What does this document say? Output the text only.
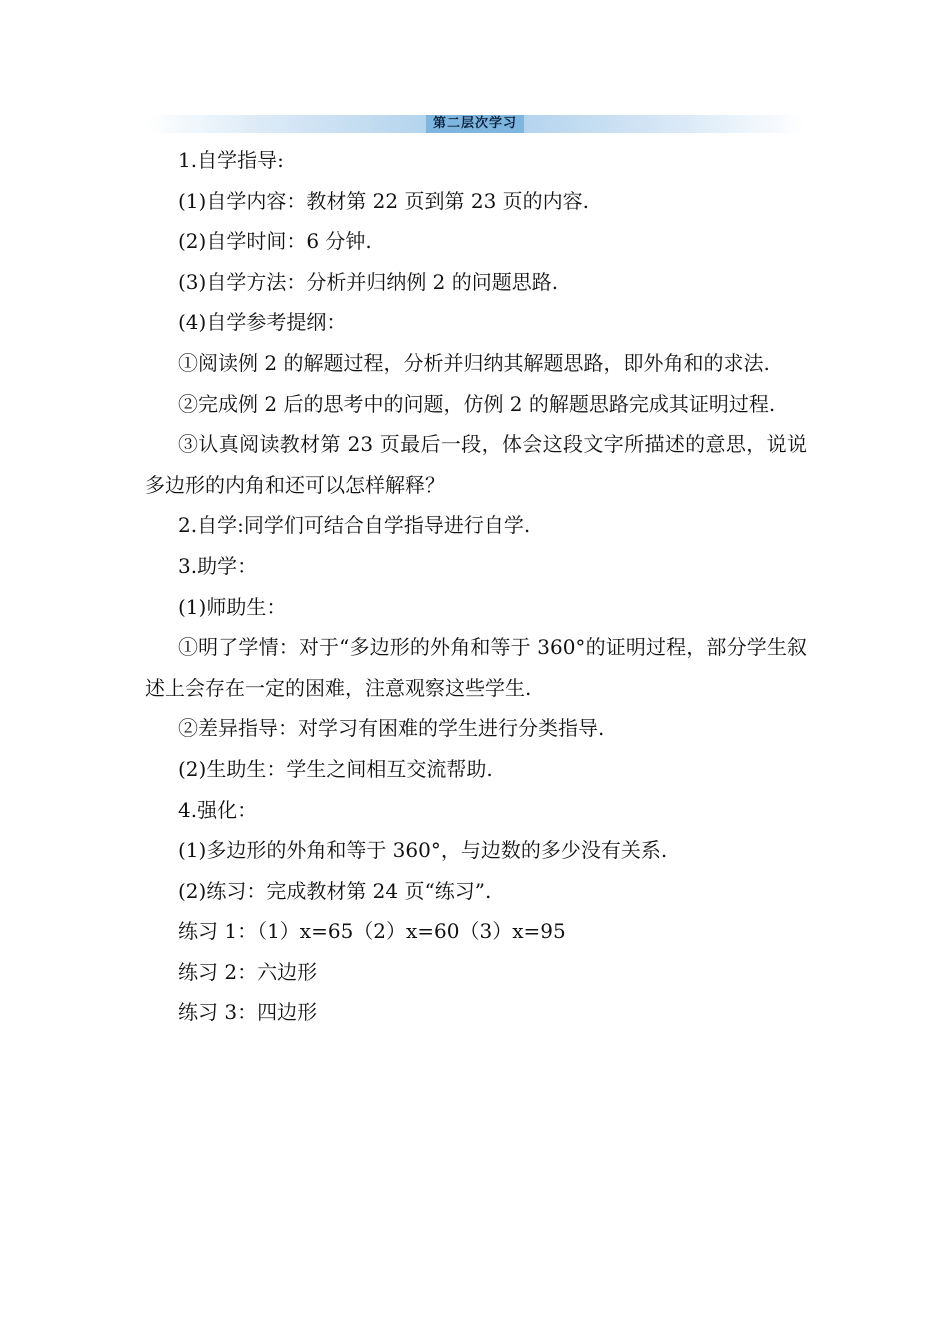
第二层次学习

1.自学指导:

(1)自学内容：教材第 22 页到第 23 页的内容.

(2)自学时间：6 分钟.

(3)自学方法：分析并归纳例 2 的问题思路.

(4)自学参考提纲：

①阅读例 2 的解题过程，分析并归纳其解题思路，即外角和的求法.

②完成例 2 后的思考中的问题，仿例 2 的解题思路完成其证明过程.

③认真阅读教材第 23 页最后一段，体会这段文字所描述的意思，说说多边形的内角和还可以怎样解释？

2.自学:同学们可结合自学指导进行自学.

3.助学：

(1)师助生：

①明了学情：对于“多边形的外角和等于 360°的证明过程，部分学生叙述上会存在一定的困难，注意观察这些学生.

②差异指导：对学习有困难的学生进行分类指导.

(2)生助生：学生之间相互交流帮助.

4.强化：

(1)多边形的外角和等于 360°，与边数的多少没有关系.

(2)练习：完成教材第 24 页“练习”.

练习 1：（1）x=65（2）x=60（3）x=95

练习 2：六边形

练习 3：四边形
